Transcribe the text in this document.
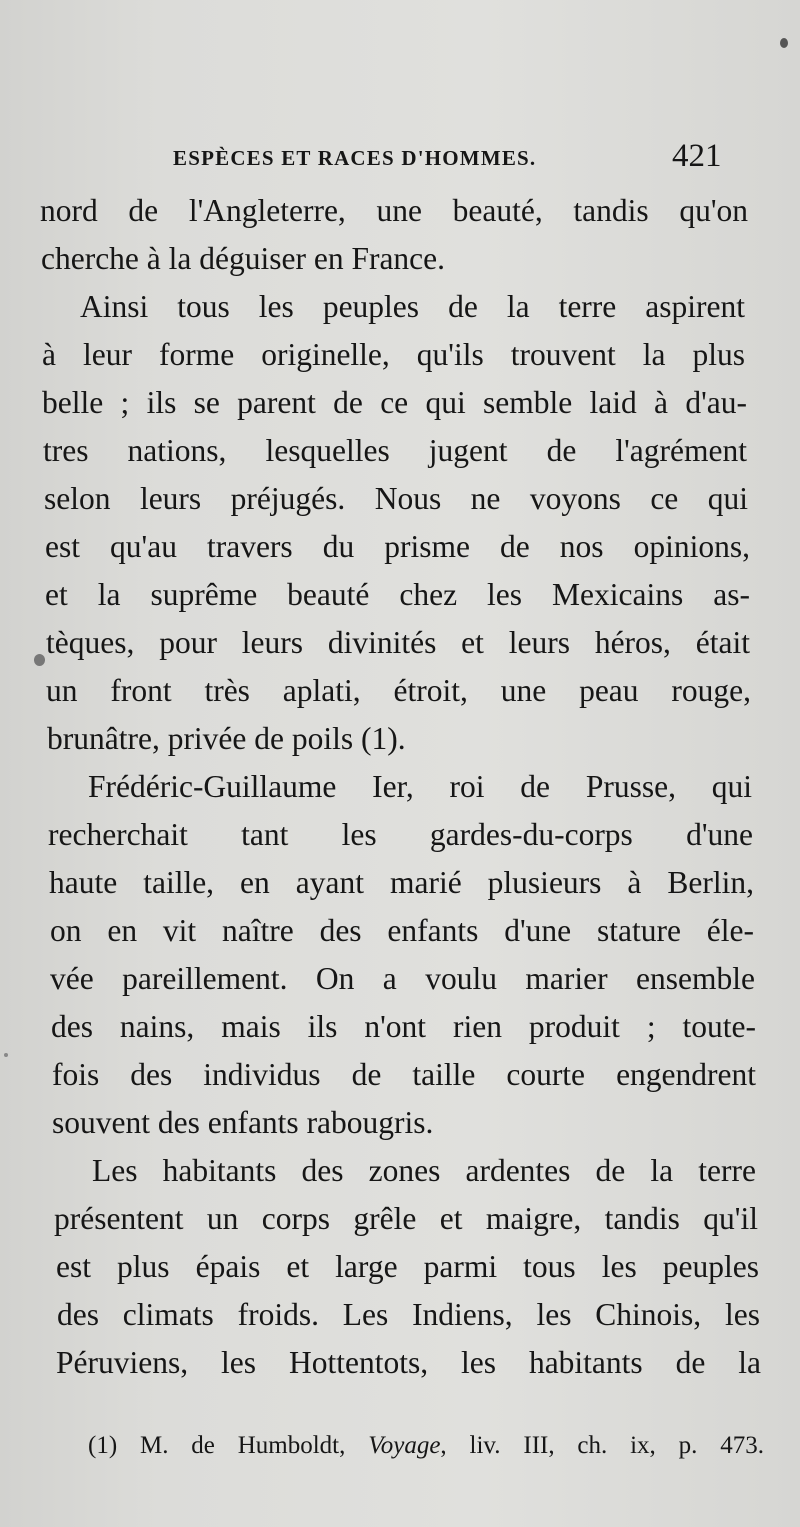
ESPÈCES ET RACES D'HOMMES.	421
nord de l'Angleterre, une beauté, tandis qu'on
cherche à la déguiser en France.
Ainsi tous les peuples de la terre aspirent
à leur forme originelle, qu'ils trouvent la plus
belle ; ils se parent de ce qui semble laid à d'au-
tres nations, lesquelles jugent de l'agrément
selon leurs préjugés. Nous ne voyons ce qui
est qu'au travers du prisme de nos opinions,
et la suprême beauté chez les Mexicains as-
tèques, pour leurs divinités et leurs héros, était
un front très aplati, étroit, une peau rouge,
brunâtre, privée de poils (1).
Frédéric-Guillaume Ier, roi de Prusse, qui
recherchait tant les gardes-du-corps d'une
haute taille, en ayant marié plusieurs à Berlin,
on en vit naître des enfants d'une stature éle-
vée pareillement. On a voulu marier ensemble
des nains, mais ils n'ont rien produit ; toute-
fois des individus de taille courte engendrent
souvent des enfants rabougris.
Les habitants des zones ardentes de la terre
présentent un corps grêle et maigre, tandis qu'il
est plus épais et large parmi tous les peuples
des climats froids. Les Indiens, les Chinois, les
Péruviens, les Hottentots, les habitants de la
(1) M. de Humboldt, Voyage, liv. III, ch. ix, p. 473.
